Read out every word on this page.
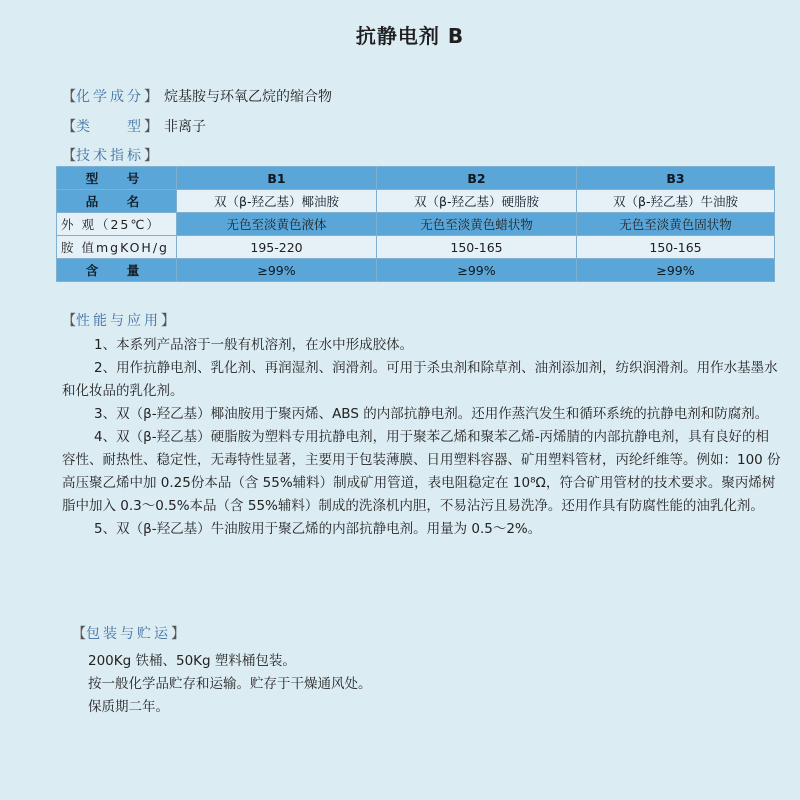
抗静电剂 B
【化学成分】 烷基胺与环氧乙烷的缩合物
【类　　型】 非离子
【技术指标】
型　号	B1	B2	B3
品　名	双（β-羟乙基）椰油胺	双（β-羟乙基）硬脂胺	双（β-羟乙基）牛油胺
外 观（25℃）	无色至淡黄色液体	无色至淡黄色蜡状物	无色至淡黄色固状物
胺 值mgKOH/g	195-220	150-165	150-165
含　量	≥99%	≥99%	≥99%
【性能与应用】

1、本系列产品溶于一般有机溶剂，在水中形成胶体。

2、用作抗静电剂、乳化剂、再润湿剂、润滑剂。可用于杀虫剂和除草剂、油剂添加剂，纺织润滑剂。用作水基墨水和化妆品的乳化剂。

3、双（β-羟乙基）椰油胺用于聚丙烯、ABS 的内部抗静电剂。还用作蒸汽发生和循环系统的抗静电剂和防腐剂。

4、双（β-羟乙基）硬脂胺为塑料专用抗静电剂，用于聚苯乙烯和聚苯乙烯-丙烯腈的内部抗静电剂，具有良好的相容性、耐热性、稳定性，无毒特性显著，主要用于包装薄膜、日用塑料容器、矿用塑料管材，丙纶纤维等。例如：100 份高压聚乙烯中加 0.25份本品（含 55%辅料）制成矿用管道，表电阻稳定在 10⁸Ω，符合矿用管材的技术要求。聚丙烯树脂中加入 0.3～0.5%本品（含 55%辅料）制成的洗涤机内胆，不易沾污且易洗净。还用作具有防腐性能的油乳化剂。

5、双（β-羟乙基）牛油胺用于聚乙烯的内部抗静电剂。用量为 0.5～2%。

【包装与贮运】
200Kg 铁桶、50Kg 塑料桶包装。
按一般化学品贮存和运输。贮存于干燥通风处。
保质期二年。
